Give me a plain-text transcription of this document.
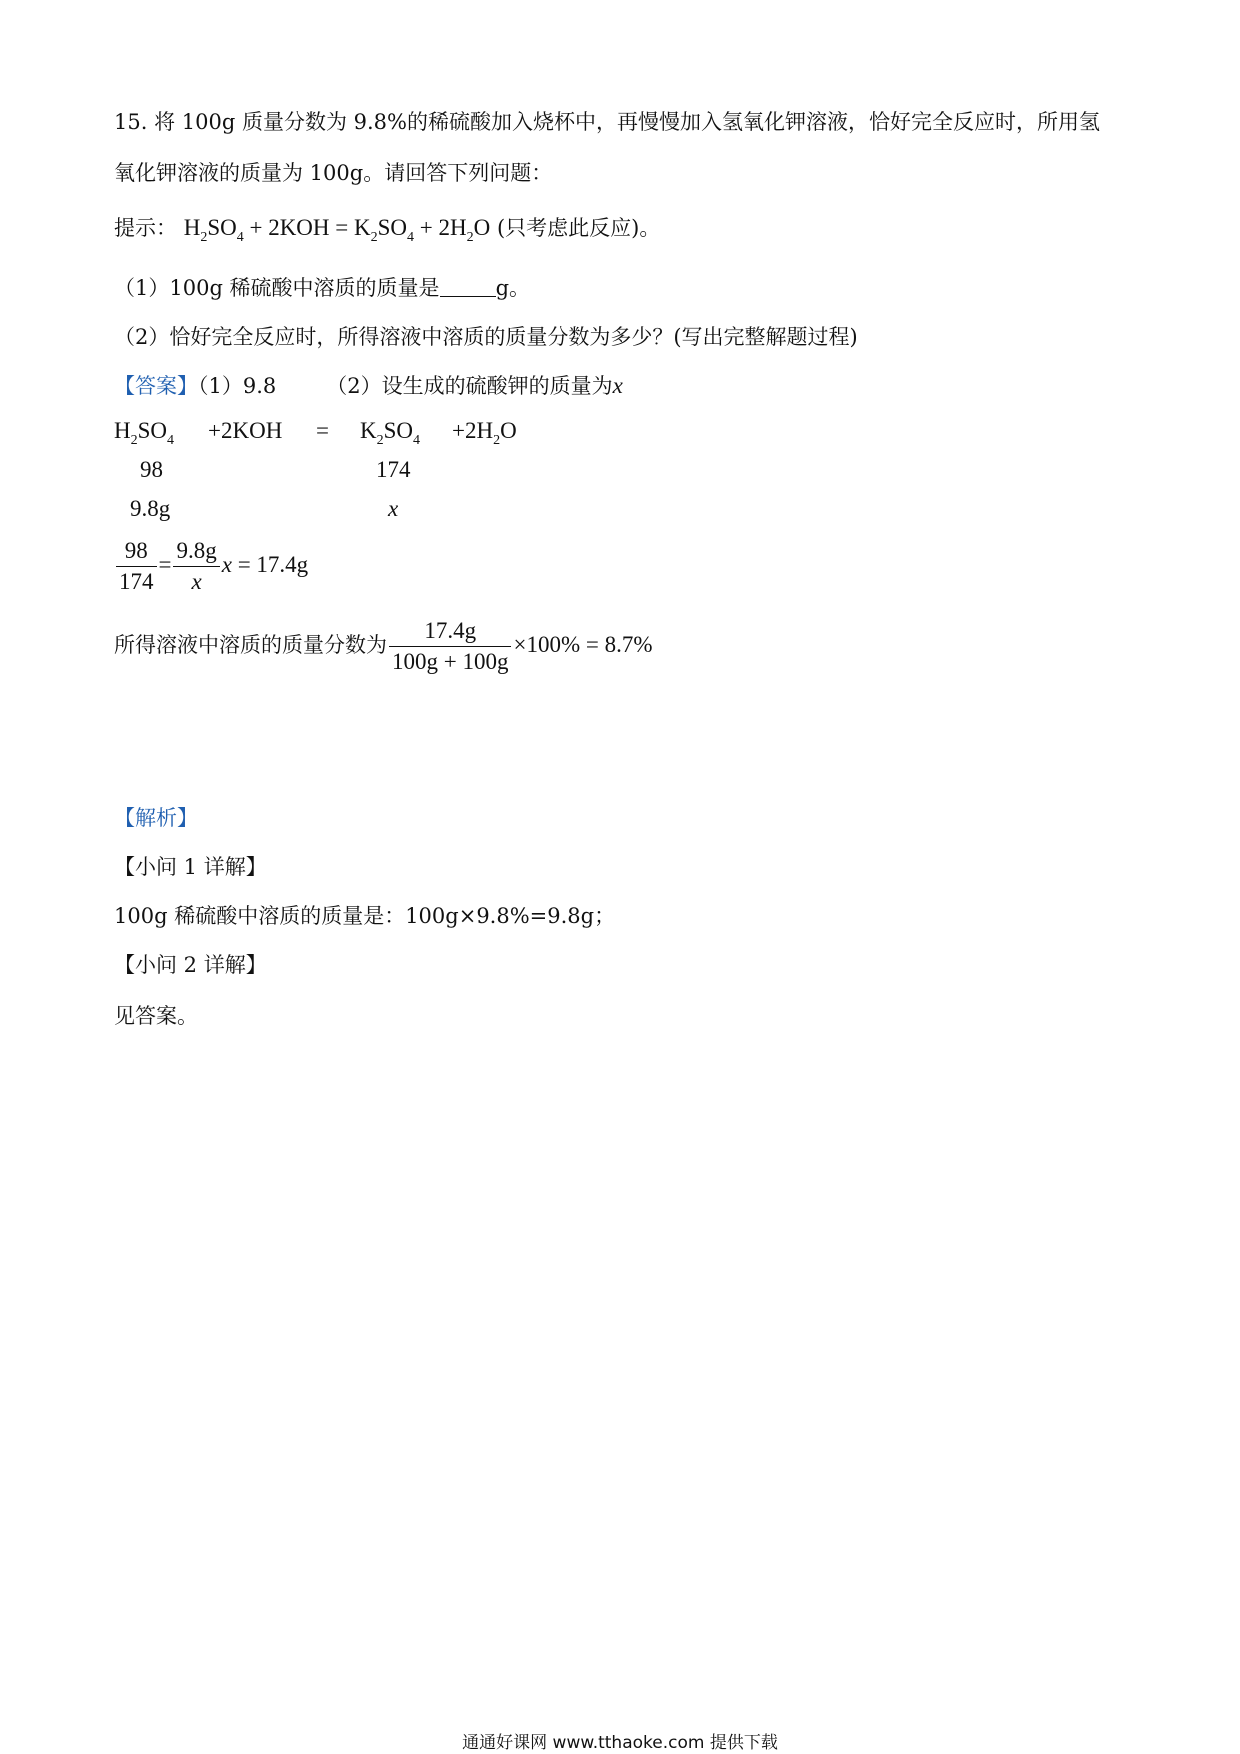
15. 将 100g 质量分数为 9.8%的稀硫酸加入烧杯中，再慢慢加入氢氧化钾溶液，恰好完全反应时，所用氢
氧化钾溶液的质量为 100g。请回答下列问题：
提示： $H_2SO_4 + 2KOH = K_2SO_4 + 2H_2O$ (只考虑此反应)。
（1）100g 稀硫酸中溶质的质量是	g。
（2）恰好完全反应时，所得溶液中溶质的质量分数为多少？(写出完整解题过程)
【答案】（1）9.8 （2）设生成的硫酸钾的质量为x
$H_2SO_4 +2KOH = K_2SO_4 +2H_2O$
98	174
9.8g	x
$\frac{98}{174} = \frac{9.8g}{x}$ x = 17.4g
所得溶液中溶质的质量分数为 $\frac{17.4g}{100g + 100g} \times 100\% = 8.7\%$
【解析】
【小问 1 详解】
100g 稀硫酸中溶质的质量是：100g×9.8%=9.8g；
【小问 2 详解】
见答案。
通通好课网 www.tthaoke.com 提供下载
